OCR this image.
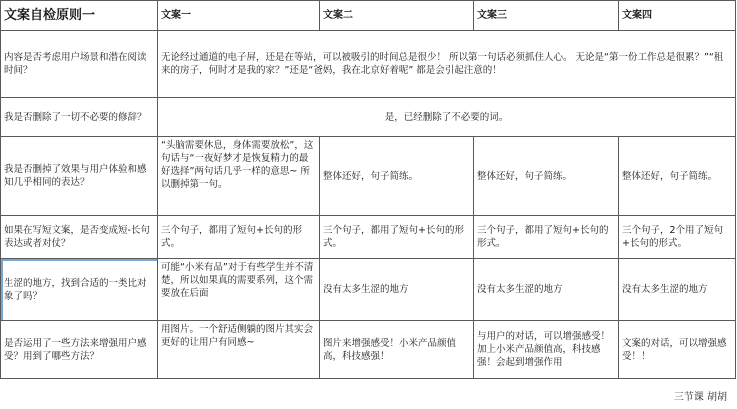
文案自检原则一	文案一	文案二	文案三	文案四
内容是否考虑用户场景和潜在阅读时间？	无论经过通道的电子屏，还是在等站，可以被吸引的时间总是很少！ 所以第一句话必须抓住人心。 无论是“第一份工作总是很累？”“租来的房子，何时才是我的家？”还是“爸妈，我在北京好着呢” 都是会引起注意的！			
我是否删除了一切不必要的修辞？	是，已经删除了不必要的词。			
我是否删掉了效果与用户体验和感知几乎相同的表达？	“头脑需要休息，身体需要放松”，这句话与“一夜好梦才是恢复精力的最好选择”两句话几乎一样的意思~ 所以删掉第一句。	整体还好，句子简练。	整体还好，句子简练。	整体还好，句子简练。
如果在写短文案，是否变成短-长句表达或者对仗？	三个句子，都用了短句+长句的形式。	三个句子，都用了短句+长句的形式。	三个句子，都用了短句+长句的形式。	三个句子，2个用了短句+长句的形式。
生涩的地方，找到合适的一类比对象了吗？	可能“小米有品”对于有些学生并不清楚，所以如果真的需要系列，这个需要放在后面	没有太多生涩的地方	没有太多生涩的地方	没有太多生涩的地方
是否运用了一些方法来增强用户感受？用到了哪些方法？	用图片。一个舒适侧躺的图片其实会更好的让用户有同感~	图片来增强感受！小米产品颜值高，科技感强！	与用户的对话，可以增强感受！加上小米产品颜值高，科技感强！会起到增强作用	文案的对话，可以增强感受！！
三节课 胡胡
